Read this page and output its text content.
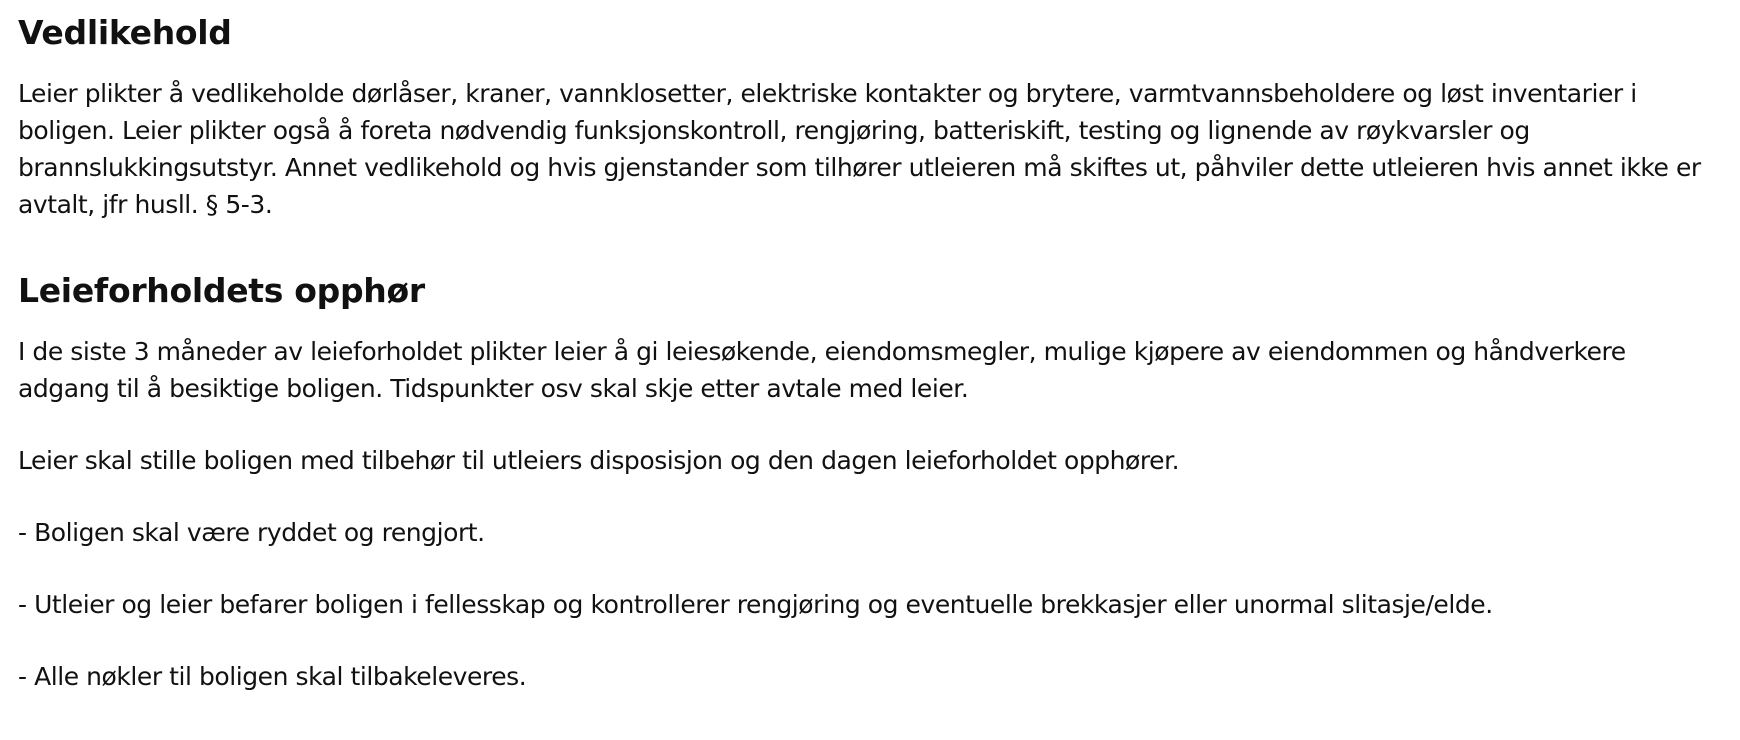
Vedlikehold

Leier plikter å vedlikeholde dørlåser, kraner, vannklosetter, elektriske kontakter og brytere, varmtvannsbeholdere og løst inventarier i boligen. Leier plikter også å foreta nødvendig funksjonskontroll, rengjøring, batteriskift, testing og lignende av røykvarsler og brannslukkingsutstyr. Annet vedlikehold og hvis gjenstander som tilhører utleieren må skiftes ut, påhviler dette utleieren hvis annet ikke er avtalt, jfr husll. § 5-3.

Leieforholdets opphør

I de siste 3 måneder av leieforholdet plikter leier å gi leiesøkende, eiendomsmegler, mulige kjøpere av eiendommen og håndverkere adgang til å besiktige boligen. Tidspunkter osv skal skje etter avtale med leier.

Leier skal stille boligen med tilbehør til utleiers disposisjon og den dagen leieforholdet opphører.

- Boligen skal være ryddet og rengjort.

- Utleier og leier befarer boligen i fellesskap og kontrollerer rengjøring og eventuelle brekkasjer eller unormal slitasje/elde.

- Alle nøkler til boligen skal tilbakeleveres.
